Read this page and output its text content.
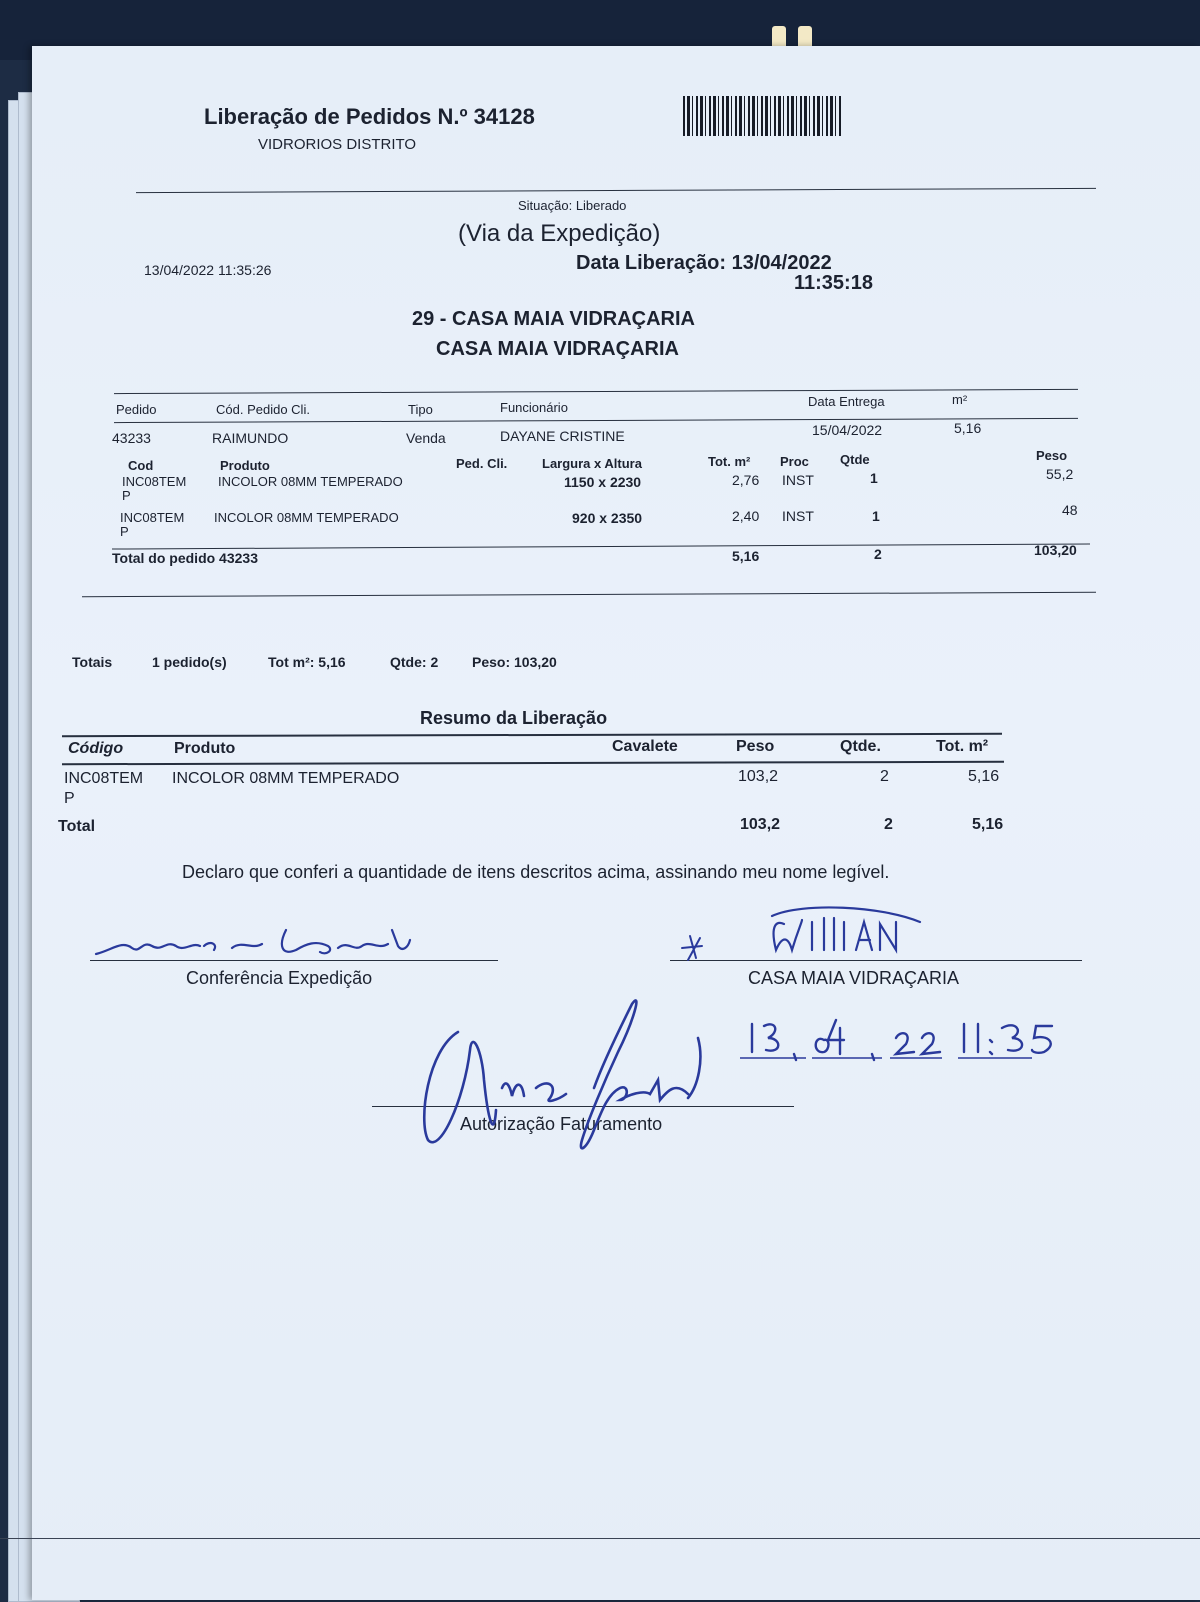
Liberação de Pedidos N.º 34128
VIDRORIOS DISTRITO
Situação: Liberado
(Via da Expedição)
13/04/2022 11:35:26	Data Liberação: 13/04/2022
11:35:18
29 - CASA MAIA VIDRAÇARIA
CASA MAIA VIDRAÇARIA
Pedido	Cód. Pedido Cli.	Tipo	Funcionário	Data Entrega	m²
43233	RAIMUNDO	Venda	DAYANE CRISTINE	15/04/2022	5,16
Cod	Produto	Ped. Cli.	Largura x Altura	Tot. m² Proc Qtde	Peso
INC08TEM
P
INCOLOR 08MM TEMPERADO	1150 x 2230	2,76 INST	1	55,2
INC08TEM
P
INCOLOR 08MM TEMPERADO	920 x 2350	2,40 INST	1	48
Total do pedido 43233	5,16	2	103,20
Totais	1 pedido(s)	Tot m²: 5,16	Qtde: 2 Peso: 103,20
Resumo da Liberação
Código	Produto	Cavalete	Peso	Qtde.	Tot. m²
INC08TEM
P
INCOLOR 08MM TEMPERADO	103,2	2	5,16
Total	103,2	2	5,16
Declaro que conferi a quantidade de itens descritos acima, assinando meu nome legível.
Conferência Expedição	CASA MAIA VIDRAÇARIA
Autorização Faturamento
